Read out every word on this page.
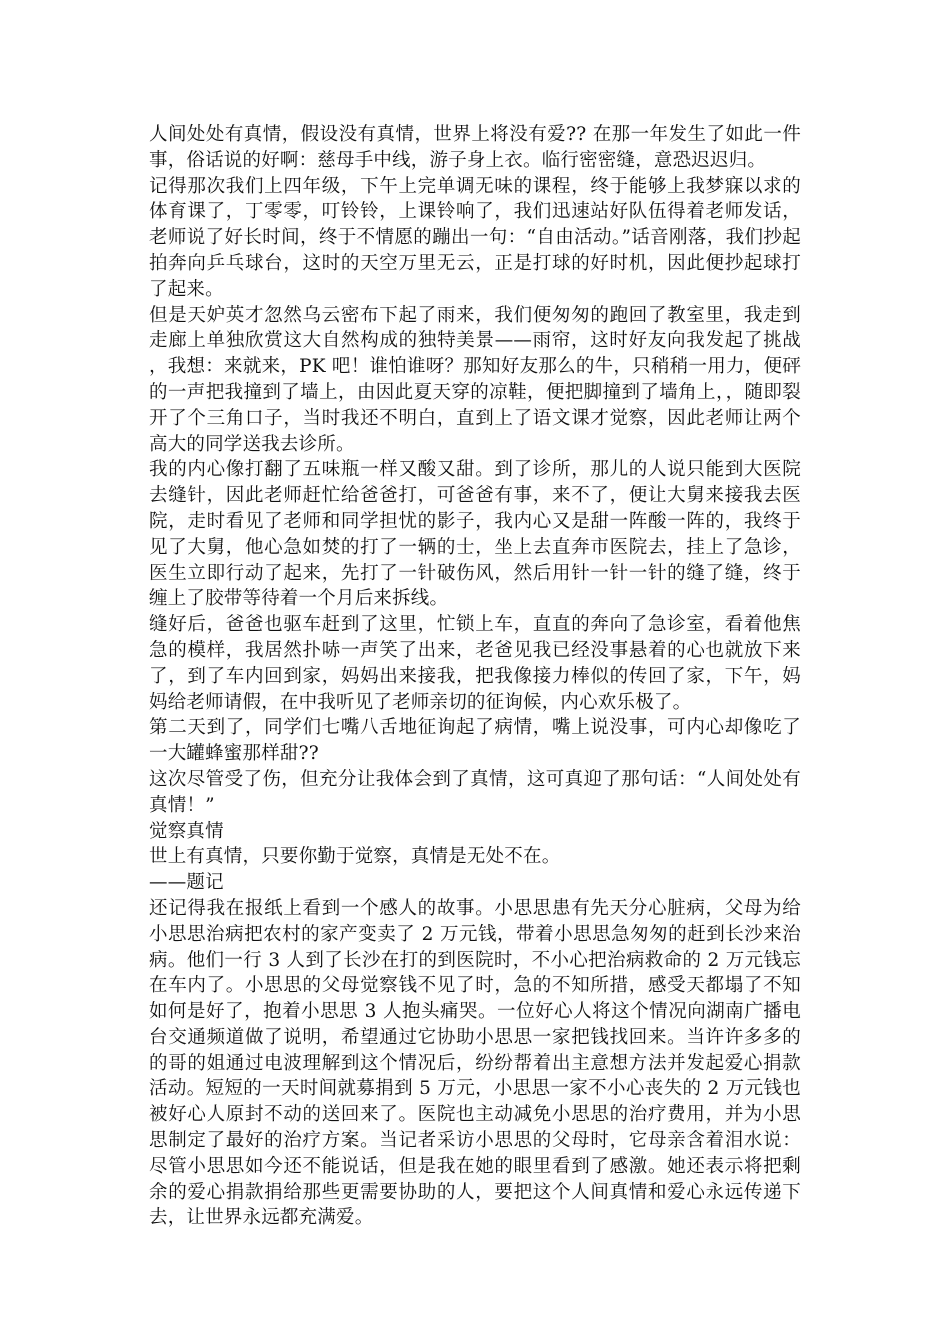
人间处处有真情，假设没有真情，世界上将没有爱?? 在那一年发生了如此一件事，俗话说的好啊：慈母手中线，游子身上衣。临行密密缝，意恐迟迟归。

记得那次我们上四年级，下午上完单调无味的课程，终于能够上我梦寐以求的体育课了，丁零零，叮铃铃，上课铃响了，我们迅速站好队伍得着老师发话，老师说了好长时间，终于不情愿的蹦出一句：“自由活动。”话音刚落，我们抄起拍奔向乒乓球台，这时的天空万里无云，正是打球的好时机，因此便抄起球打了起来。

但是天妒英才忽然乌云密布下起了雨来，我们便匆匆的跑回了教室里，我走到走廊上单独欣赏这大自然构成的独特美景——雨帘，这时好友向我发起了挑战，我想：来就来，PK 吧！谁怕谁呀？那知好友那么的牛，只稍稍一用力，便砰的一声把我撞到了墙上，由因此夏天穿的凉鞋，便把脚撞到了墙角上，，随即裂开了个三角口子，当时我还不明白，直到上了语文课才觉察，因此老师让两个高大的同学送我去诊所。

我的内心像打翻了五味瓶一样又酸又甜。到了诊所，那儿的人说只能到大医院去缝针，因此老师赶忙给爸爸打，可爸爸有事，来不了，便让大舅来接我去医院，走时看见了老师和同学担忧的影子，我内心又是甜一阵酸一阵的，我终于见了大舅，他心急如焚的打了一辆的士，坐上去直奔市医院去，挂上了急诊，医生立即行动了起来，先打了一针破伤风，然后用针一针一针的缝了缝，终于缠上了胶带等待着一个月后来拆线。

缝好后，爸爸也驱车赶到了这里，忙锁上车，直直的奔向了急诊室，看着他焦急的模样，我居然扑哧一声笑了出来，老爸见我已经没事悬着的心也就放下来了，到了车内回到家，妈妈出来接我，把我像接力棒似的传回了家，下午，妈妈给老师请假，在中我听见了老师亲切的征询候，内心欢乐极了。

第二天到了，同学们七嘴八舌地征询起了病情，嘴上说没事，可内心却像吃了一大罐蜂蜜那样甜??

这次尽管受了伤，但充分让我体会到了真情，这可真迎了那句话：“人间处处有真情！”

觉察真情

世上有真情，只要你勤于觉察，真情是无处不在。

——题记

还记得我在报纸上看到一个感人的故事。小思思患有先天分心脏病，父母为给小思思治病把农村的家产变卖了 2 万元钱，带着小思思急匆匆的赶到长沙来治病。他们一行 3 人到了长沙在打的到医院时，不小心把治病救命的 2 万元钱忘在车内了。小思思的父母觉察钱不见了时，急的不知所措，感受天都塌了不知如何是好了，抱着小思思 3 人抱头痛哭。一位好心人将这个情况向湖南广播电台交通频道做了说明，希望通过它协助小思思一家把钱找回来。当许许多多的的哥的姐通过电波理解到这个情况后，纷纷帮着出主意想方法并发起爱心捐款活动。短短的一天时间就募捐到 5 万元，小思思一家不小心丧失的 2 万元钱也被好心人原封不动的送回来了。医院也主动减免小思思的治疗费用，并为小思思制定了最好的治疗方案。当记者采访小思思的父母时，它母亲含着泪水说：尽管小思思如今还不能说话，但是我在她的眼里看到了感激。她还表示将把剩余的爱心捐款捐给那些更需要协助的人，要把这个人间真情和爱心永远传递下去，让世界永远都充满爱。
